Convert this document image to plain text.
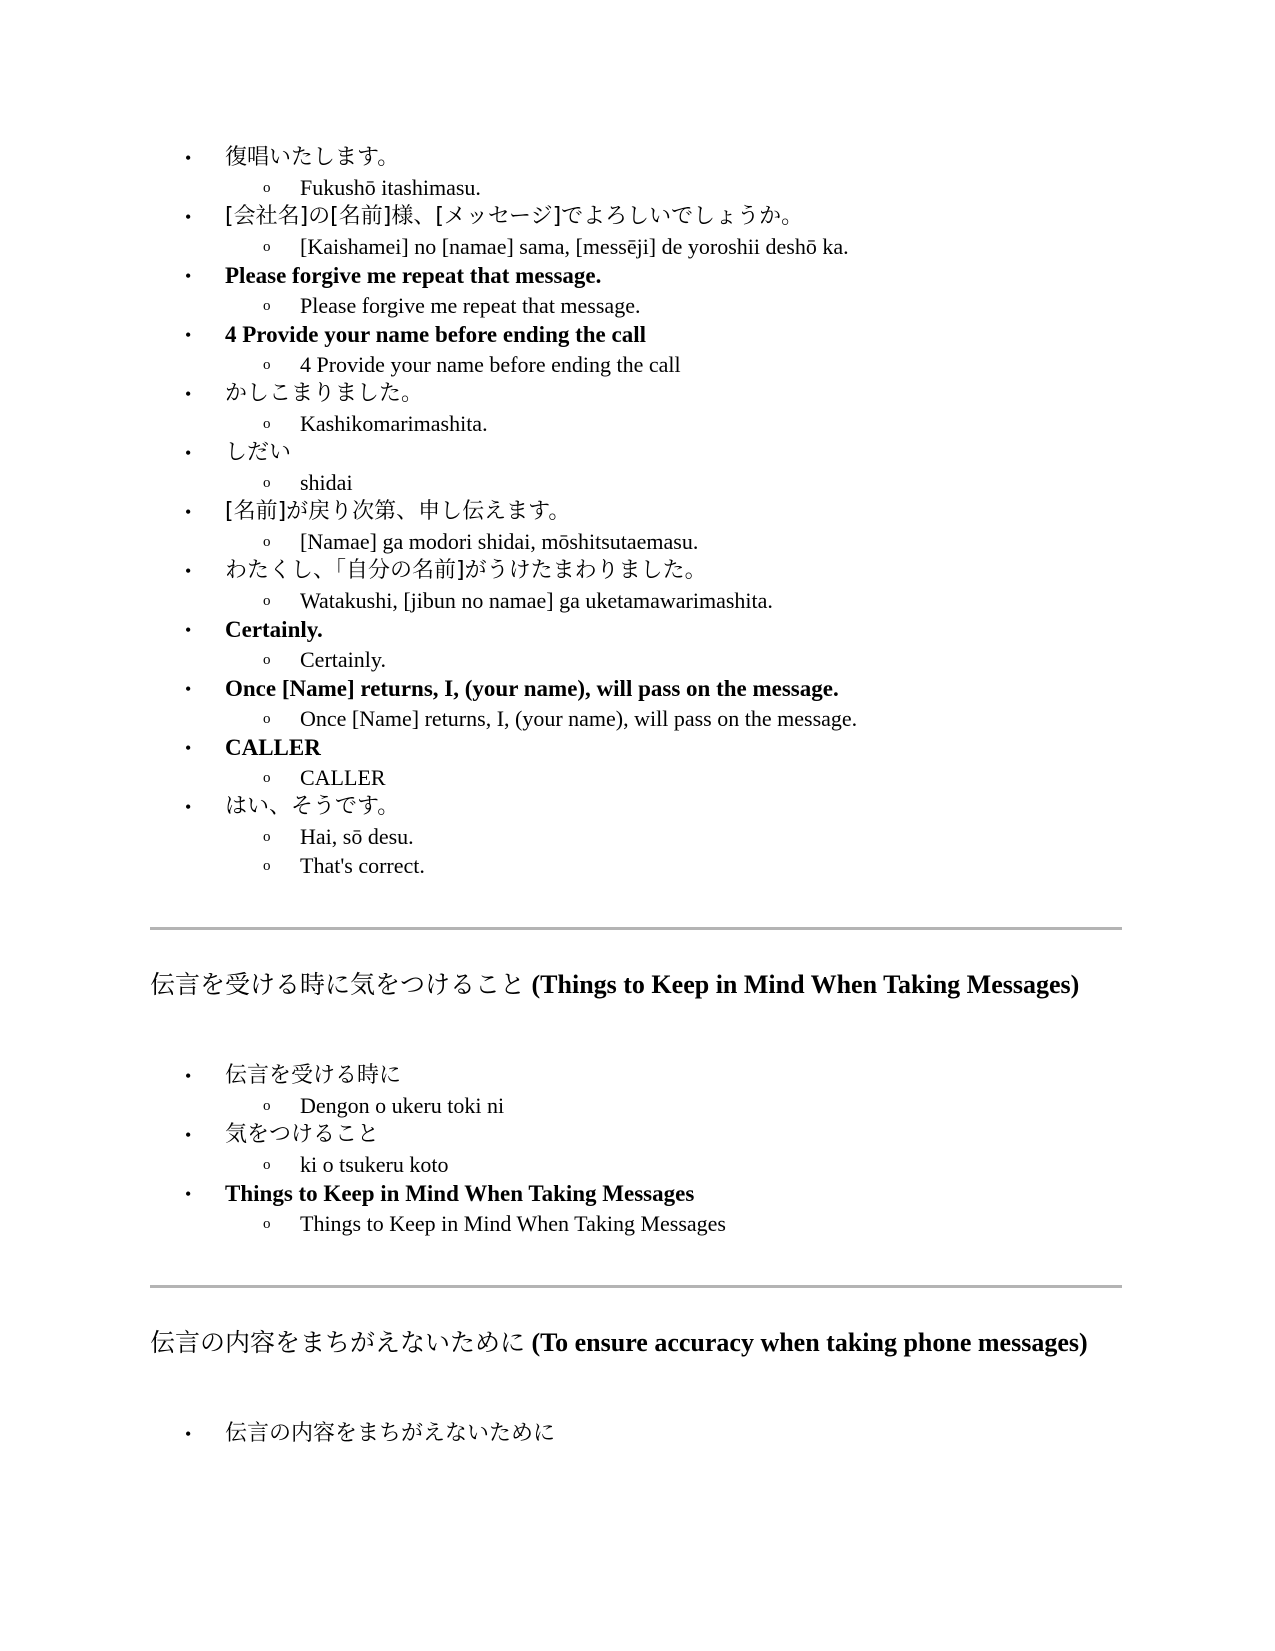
• 復唱いたします。
o Fukushō itashimasu.
• [会社名]の[名前]様、[メッセージ]でよろしいでしょうか。
o [Kaishamei] no [namae] sama, [messēji] de yoroshii deshō ka.
• Please forgive me repeat that message.
o Please forgive me repeat that message.
• 4 Provide your name before ending the call
o 4 Provide your name before ending the call
• かしこまりました。
o Kashikomarimashita.
• しだい
o shidai
• [名前]が戻り次第、申し伝えます。
o [Namae] ga modori shidai, mōshitsutaemasu.
• わたくし、「自分の名前]がうけたまわりました。
o Watakushi, [jibun no namae] ga uketamawarimashita.
• Certainly.
o Certainly.
• Once [Name] returns, I, (your name), will pass on the message.
o Once [Name] returns, I, (your name), will pass on the message.
• CALLER
o CALLER
• はい、そうです。
o Hai, sō desu.
o That's correct.
伝言を受ける時に気をつけること (Things to Keep in Mind When Taking Messages)
• 伝言を受ける時に
o Dengon o ukeru toki ni
• 気をつけること
o ki o tsukeru koto
• Things to Keep in Mind When Taking Messages
o Things to Keep in Mind When Taking Messages
伝言の内容をまちがえないために (To ensure accuracy when taking phone messages)
• 伝言の内容をまちがえないために
